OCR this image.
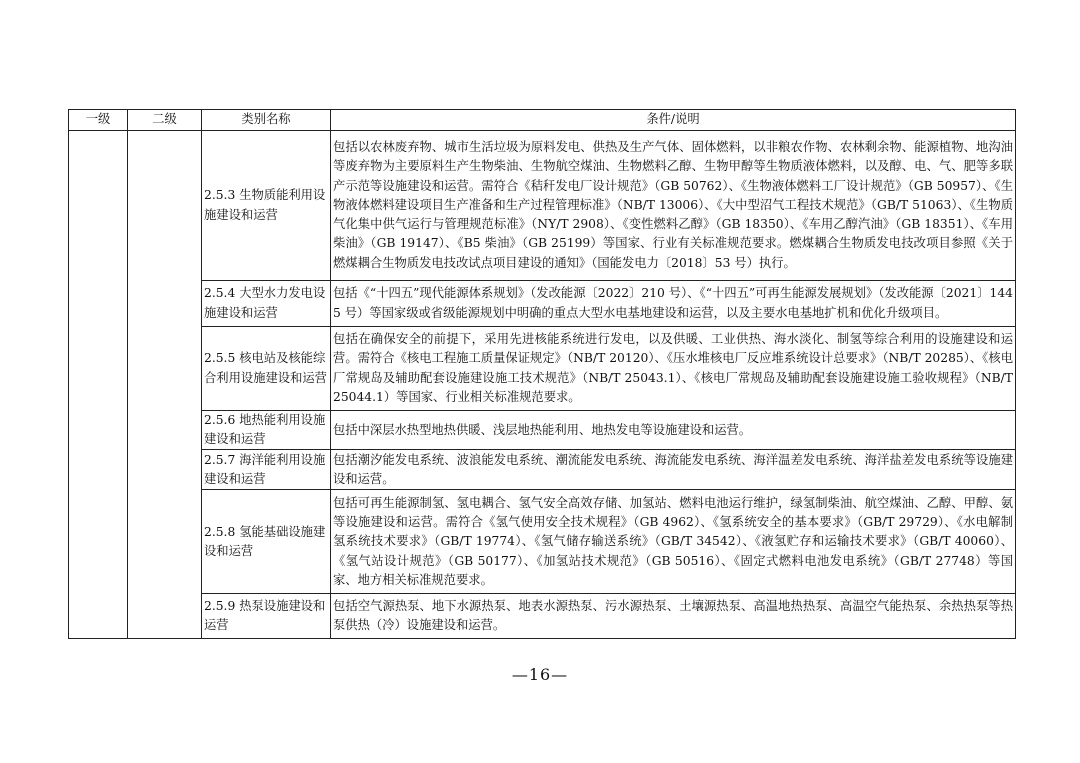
一级	二级	类别名称	条件/说明
		2.5.3 生物质能利用设施建设和运营	包括以农林废弃物、城市生活垃圾为原料发电、供热及生产气体、固体燃料，以非粮农作物、农林剩余物、能源植物、地沟油等废弃物为主要原料生产生物柴油、生物航空煤油、生物燃料乙醇、生物甲醇等生物质液体燃料，以及醇、电、气、肥等多联产示范等设施建设和运营。需符合《秸秆发电厂设计规范》（GB 50762）、《生物液体燃料工厂设计规范》（GB 50957）、《生物液体燃料建设项目生产准备和生产过程管理标准》（NB/T 13006）、《大中型沼气工程技术规范》（GB/T 51063）、《生物质气化集中供气运行与管理规范标准》（NY/T 2908）、《变性燃料乙醇》（GB 18350）、《车用乙醇汽油》（GB 18351）、《车用柴油》（GB 19147）、《B5 柴油》（GB 25199）等国家、行业有关标准规范要求。燃煤耦合生物质发电技改项目参照《关于燃煤耦合生物质发电技改试点项目建设的通知》（国能发电力〔2018〕53 号）执行。
		2.5.4 大型水力发电设施建设和运营	包括《“十四五”现代能源体系规划》（发改能源〔2022〕210 号）、《“十四五”可再生能源发展规划》（发改能源〔2021〕1445 号）等国家级或省级能源规划中明确的重点大型水电基地建设和运营，以及主要水电基地扩机和优化升级项目。
		2.5.5 核电站及核能综合利用设施建设和运营	包括在确保安全的前提下，采用先进核能系统进行发电，以及供暖、工业供热、海水淡化、制氢等综合利用的设施建设和运营。需符合《核电工程施工质量保证规定》（NB/T 20120）、《压水堆核电厂反应堆系统设计总要求》（NB/T 20285）、《核电厂常规岛及辅助配套设施建设施工技术规范》（NB/T 25043.1）、《核电厂常规岛及辅助配套设施建设施工验收规程》（NB/T 25044.1）等国家、行业相关标准规范要求。
		2.5.6 地热能利用设施建设和运营	包括中深层水热型地热供暖、浅层地热能利用、地热发电等设施建设和运营。
		2.5.7 海洋能利用设施建设和运营	包括潮汐能发电系统、波浪能发电系统、潮流能发电系统、海流能发电系统、海洋温差发电系统、海洋盐差发电系统等设施建设和运营。
		2.5.8 氢能基础设施建设和运营	包括可再生能源制氢、氢电耦合、氢气安全高效存储、加氢站、燃料电池运行维护，绿氢制柴油、航空煤油、乙醇、甲醇、氨等设施建设和运营。需符合《氢气使用安全技术规程》（GB 4962）、《氢系统安全的基本要求》（GB/T 29729）、《水电解制氢系统技术要求》（GB/T 19774）、《氢气储存输送系统》（GB/T 34542）、《液氢贮存和运输技术要求》（GB/T 40060）、《氢气站设计规范》（GB 50177）、《加氢站技术规范》（GB 50516）、《固定式燃料电池发电系统》（GB/T 27748）等国家、地方相关标准规范要求。
		2.5.9 热泵设施建设和运营	包括空气源热泵、地下水源热泵、地表水源热泵、污水源热泵、土壤源热泵、高温地热热泵、高温空气能热泵、余热热泵等热泵供热（冷）设施建设和运营。
—16—
